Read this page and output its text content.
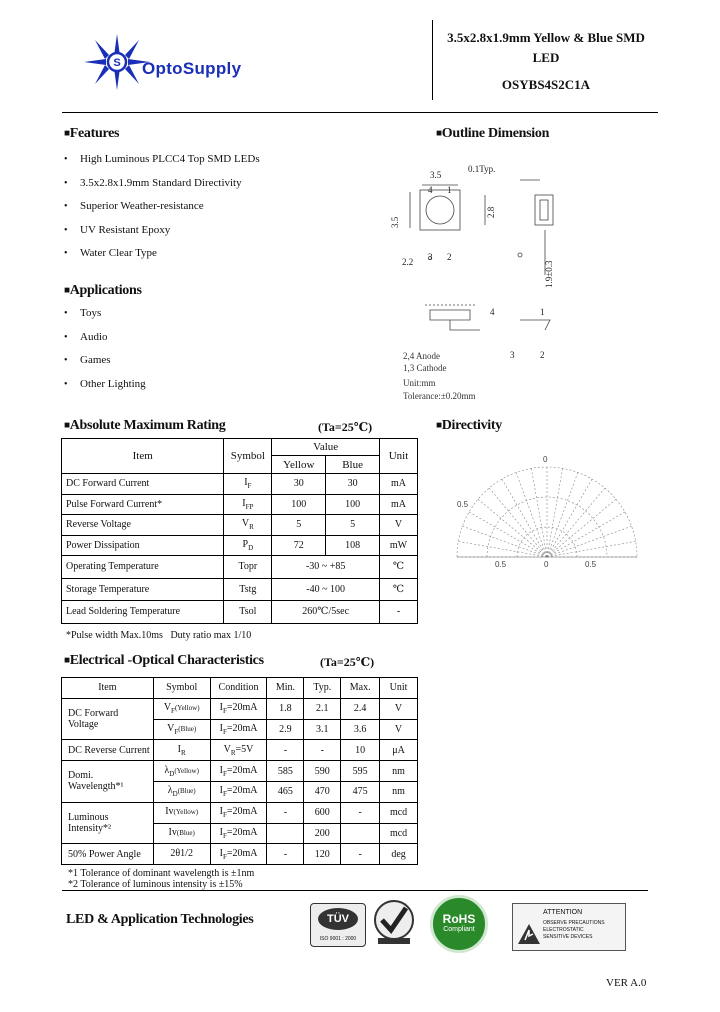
S OptoSupply
3.5x2.8x1.9mm Yellow & Blue SMD
LED
OSYBS4S2C1A
■Features
• High Luminous PLCC4 Top SMD LEDs
• 3.5x2.8x1.9mm Standard Directivity
• Superior Weather-resistance
• UV Resistant Epoxy
• Water Clear Type
■Applications
• Toys
• Audio
• Games
• Other Lighting
■Outline Dimension
3.5
0.1Typ.
4 1
3 2
2.2
4	1
3	2
3.5
2.8
1.9±0.3
2,4 Anode
1,3 Cathode
Unit:mm
Tolerance:±0.20mm
■Absolute Maximum Rating	(Ta=25℃)
Item	Symbol	Value		Unit
		Yellow	Blue	
DC Forward Current	$I_F$	30	30	mA
Pulse Forward Current*	$I_{FP}$	100	100	mA
Reverse Voltage	$V_R$	5	5	V
Power Dissipation	$P_D$	72	108	mW
Operating Temperature	Topr	-30 ~ +85		℃
Storage Temperature	Tstg	-40 ~ 100		℃
Lead Soldering Temperature	Tsol	260℃/5sec		-
*Pulse width Max.10ms   Duty ratio max 1/10
■Directivity
0
0.5
0.5	0	0.5
■Electrical -Optical Characteristics	(Ta=25℃)
Item	Symbol	Condition	Min.	Typ.	Max.	Unit
DC Forward Voltage	$V_F(Yellow)$	$I_F=20mA$	1.8	2.1	2.4	V
	$V_F(Blue)$	$I_F=20mA$	2.9	3.1	3.6	V
DC Reverse Current	$I_R$	$V_R=5V$	-	-	10	μA
Domi. Wavelength*¹	$\lambda_D(Yellow)$	$I_F=20mA$	585	590	595	nm
	$\lambda_D(Blue)$	$I_F=20mA$	465	470	475	nm
Luminous Intensity*²	Iv(Yellow)	$I_F=20mA$	-	600	-	mcd
	Iv(Blue)	$I_F=20mA$		200		mcd
50% Power Angle	2θ1/2	$I_F=20mA$	-	120	-	deg
*1 Tolerance of dominant wavelength is ±1nm
*2 Tolerance of luminous intensity is ±15%
LED & Application Technologies	TÜV
ISO 9001 : 2000
RoHS
Compliant
ATTENTION
OBSERVE PRECAUTIONS
ELECTROSTATIC
SENSITIVE DEVICES
VER A.0
